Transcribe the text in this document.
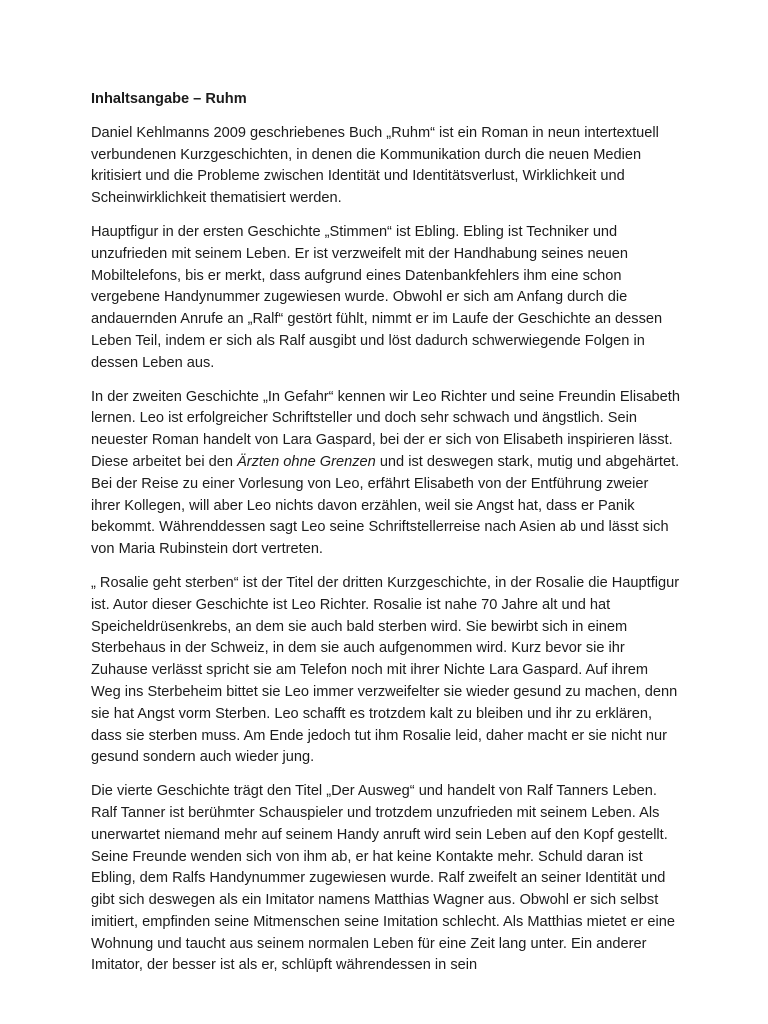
Inhaltsangabe – Ruhm

Daniel Kehlmanns 2009 geschriebenes Buch „Ruhm“ ist ein Roman in neun intertextuell verbundenen Kurzgeschichten, in denen die Kommunikation durch die neuen Medien kritisiert und die Probleme zwischen Identität und Identitätsverlust, Wirklichkeit und Scheinwirklichkeit thematisiert werden.

Hauptfigur in der ersten Geschichte „Stimmen“ ist Ebling. Ebling ist Techniker und unzufrieden mit seinem Leben. Er ist verzweifelt mit der Handhabung seines neuen Mobiltelefons, bis er merkt, dass aufgrund eines Datenbankfehlers ihm eine schon vergebene Handynummer zugewiesen wurde. Obwohl er sich am Anfang durch die andauernden Anrufe an „Ralf“ gestört fühlt, nimmt er im Laufe der Geschichte an dessen Leben Teil, indem er sich als Ralf ausgibt und löst dadurch schwerwiegende Folgen in dessen Leben aus.

In der zweiten Geschichte „In Gefahr“ kennen wir Leo Richter und seine Freundin Elisabeth lernen. Leo ist erfolgreicher Schriftsteller und doch sehr schwach und ängstlich. Sein neuester Roman handelt von Lara Gaspard, bei der er sich von Elisabeth inspirieren lässt. Diese arbeitet bei den Ärzten ohne Grenzen und ist deswegen stark, mutig und abgehärtet. Bei der Reise zu einer Vorlesung von Leo, erfährt Elisabeth von der Entführung zweier ihrer Kollegen, will aber Leo nichts davon erzählen, weil sie Angst hat, dass er Panik bekommt. Währenddessen sagt Leo seine Schriftstellerreise nach Asien ab und lässt sich von Maria Rubinstein dort vertreten.

„ Rosalie geht sterben“ ist der Titel der dritten Kurzgeschichte, in der Rosalie die Hauptfigur ist. Autor dieser Geschichte ist Leo Richter. Rosalie ist nahe 70 Jahre alt und hat Speicheldrüsenkrebs, an dem sie auch bald sterben wird. Sie bewirbt sich in einem Sterbehaus in der Schweiz, in dem sie auch aufgenommen wird. Kurz bevor sie ihr Zuhause verlässt spricht sie am Telefon noch mit ihrer Nichte Lara Gaspard. Auf ihrem Weg ins Sterbeheim bittet sie Leo immer verzweifelter sie wieder gesund zu machen, denn sie hat Angst vorm Sterben. Leo schafft es trotzdem kalt zu bleiben und ihr zu erklären, dass sie sterben muss. Am Ende jedoch tut ihm Rosalie leid, daher macht er sie nicht nur gesund sondern auch wieder jung.

Die vierte Geschichte trägt den Titel „Der Ausweg“ und handelt von Ralf Tanners Leben. Ralf Tanner ist berühmter Schauspieler und trotzdem unzufrieden mit seinem Leben. Als unerwartet niemand mehr auf seinem Handy anruft wird sein Leben auf den Kopf gestellt. Seine Freunde wenden sich von ihm ab, er hat keine Kontakte mehr. Schuld daran ist Ebling, dem Ralfs Handynummer zugewiesen wurde. Ralf zweifelt an seiner Identität und gibt sich deswegen als ein Imitator namens Matthias Wagner aus. Obwohl er sich selbst imitiert, empfinden seine Mitmenschen seine Imitation schlecht. Als Matthias mietet er eine Wohnung und taucht aus seinem normalen Leben für eine Zeit lang unter. Ein anderer Imitator, der besser ist als er, schlüpft währendessen in sein
